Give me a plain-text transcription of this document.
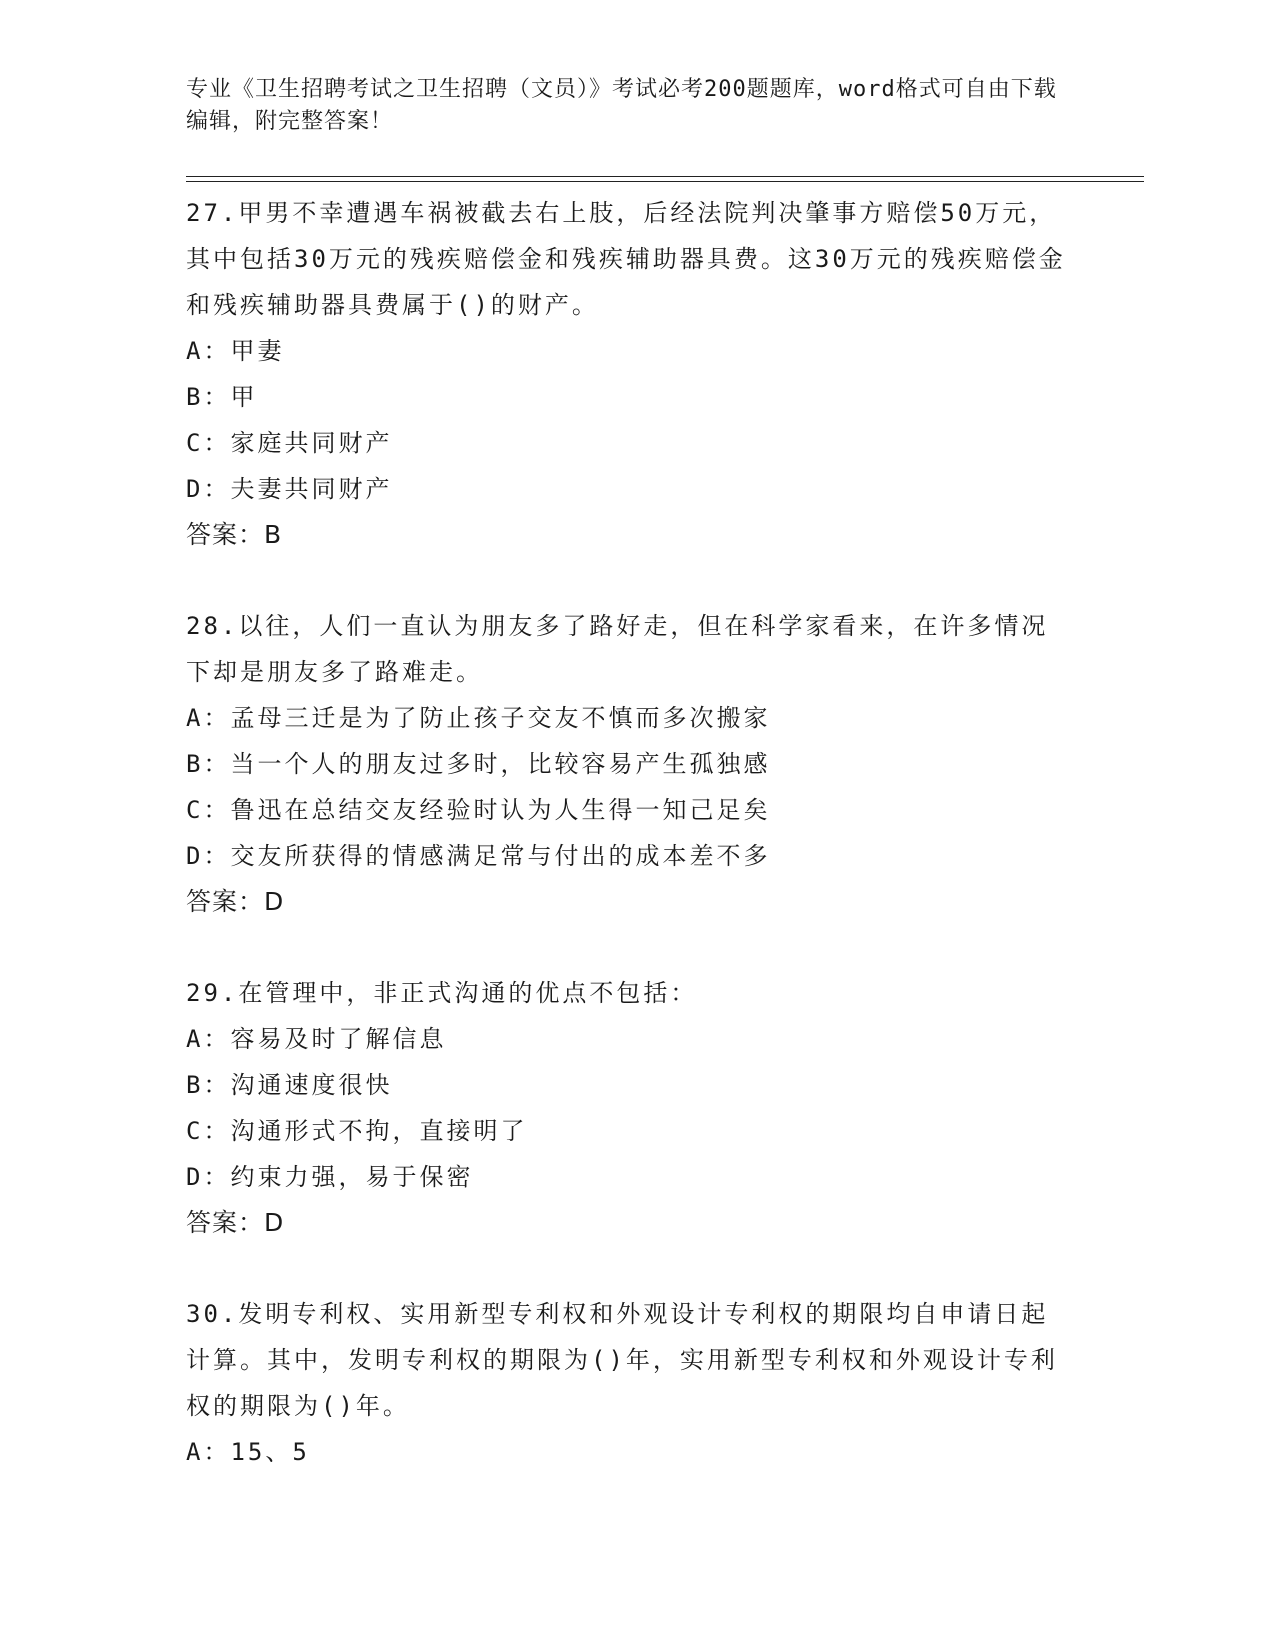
专业《卫生招聘考试之卫生招聘（文员）》考试必考200题题库，word格式可自由下载编辑，附完整答案！
27.甲男不幸遭遇车祸被截去右上肢，后经法院判决肇事方赔偿50万元，其中包括30万元的残疾赔偿金和残疾辅助器具费。这30万元的残疾赔偿金和残疾辅助器具费属于()的财产。
A：甲妻
B：甲
C：家庭共同财产
D：夫妻共同财产
答案：B
28.以往，人们一直认为朋友多了路好走，但在科学家看来，在许多情况下却是朋友多了路难走。
A：孟母三迁是为了防止孩子交友不慎而多次搬家
B：当一个人的朋友过多时，比较容易产生孤独感
C：鲁迅在总结交友经验时认为人生得一知己足矣
D：交友所获得的情感满足常与付出的成本差不多
答案：D
29.在管理中，非正式沟通的优点不包括：
A：容易及时了解信息
B：沟通速度很快
C：沟通形式不拘，直接明了
D：约束力强，易于保密
答案：D
30.发明专利权、实用新型专利权和外观设计专利权的期限均自申请日起计算。其中，发明专利权的期限为()年，实用新型专利权和外观设计专利权的期限为()年。
A：15、5
